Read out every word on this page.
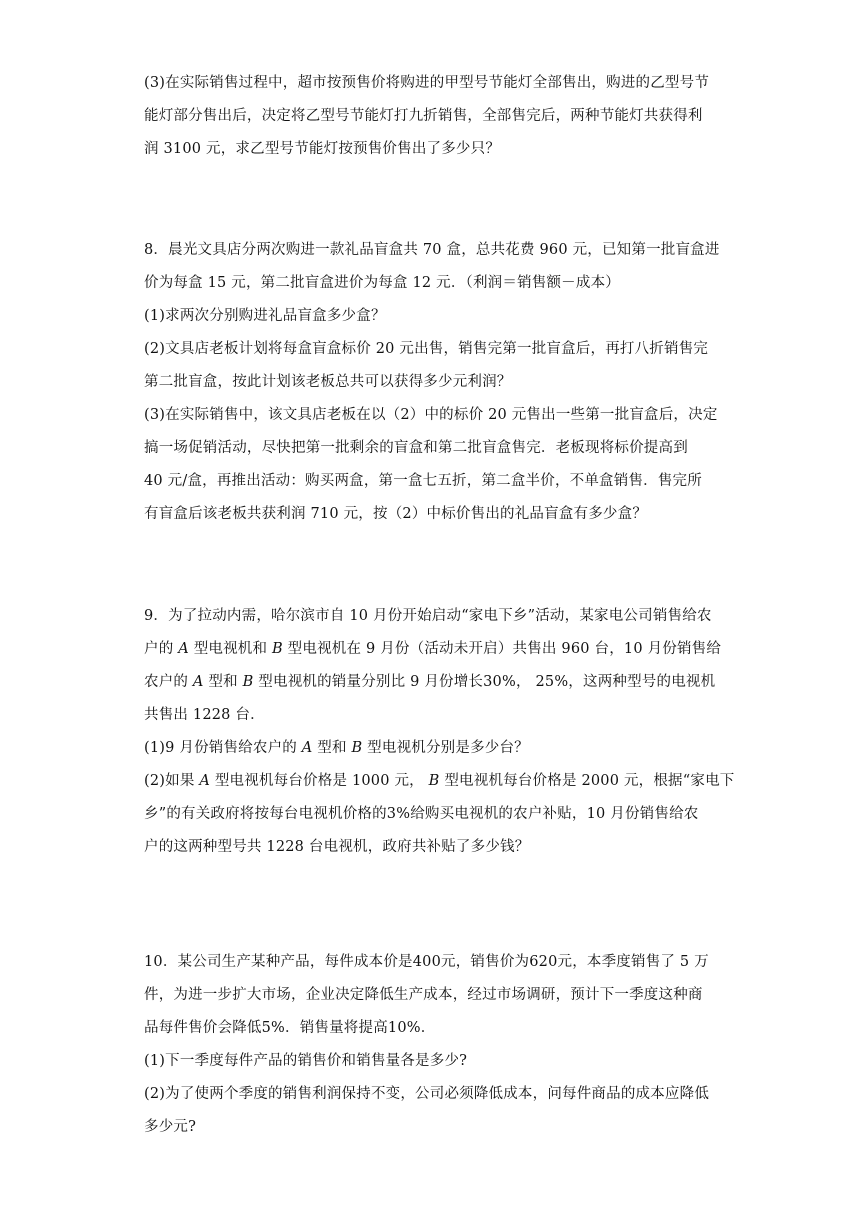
(3)在实际销售过程中，超市按预售价将购进的甲型号节能灯全部售出，购进的乙型号节
能灯部分售出后，决定将乙型号节能灯打九折销售，全部售完后，两种节能灯共获得利
润 3100 元，求乙型号节能灯按预售价售出了多少只？
8．晨光文具店分两次购进一款礼品盲盒共 70 盒，总共花费 960 元，已知第一批盲盒进
价为每盒 15 元，第二批盲盒进价为每盒 12 元．（利润＝销售额－成本）
(1)求两次分别购进礼品盲盒多少盒？
(2)文具店老板计划将每盒盲盒标价 20 元出售，销售完第一批盲盒后，再打八折销售完
第二批盲盒，按此计划该老板总共可以获得多少元利润？
(3)在实际销售中，该文具店老板在以（2）中的标价 20 元售出一些第一批盲盒后，决定
搞一场促销活动，尽快把第一批剩余的盲盒和第二批盲盒售完．老板现将标价提高到
40 元/盒，再推出活动：购买两盒，第一盒七五折，第二盒半价，不单盒销售．售完所
有盲盒后该老板共获利润 710 元，按（2）中标价售出的礼品盲盒有多少盒？
9．为了拉动内需，哈尔滨市自 10 月份开始启动“家电下乡”活动，某家电公司销售给农
户的 A 型电视机和 B 型电视机在 9 月份（活动未开启）共售出 960 台，10 月份销售给
农户的 A 型和 B 型电视机的销量分别比 9 月份增长30%， 25%，这两种型号的电视机
共售出 1228 台．
(1)9 月份销售给农户的 A 型和 B 型电视机分别是多少台？
(2)如果 A 型电视机每台价格是 1000 元， B 型电视机每台价格是 2000 元，根据“家电下
乡”的有关政府将按每台电视机价格的3%给购买电视机的农户补贴，10 月份销售给农
户的这两种型号共 1228 台电视机，政府共补贴了多少钱？
10．某公司生产某种产品，每件成本价是400元，销售价为620元，本季度销售了 5 万
件，为进一步扩大市场，企业决定降低生产成本，经过市场调研，预计下一季度这种商
品每件售价会降低5%．销售量将提高10%．
(1)下一季度每件产品的销售价和销售量各是多少?
(2)为了使两个季度的销售利润保持不变，公司必须降低成本，问每件商品的成本应降低
多少元?
